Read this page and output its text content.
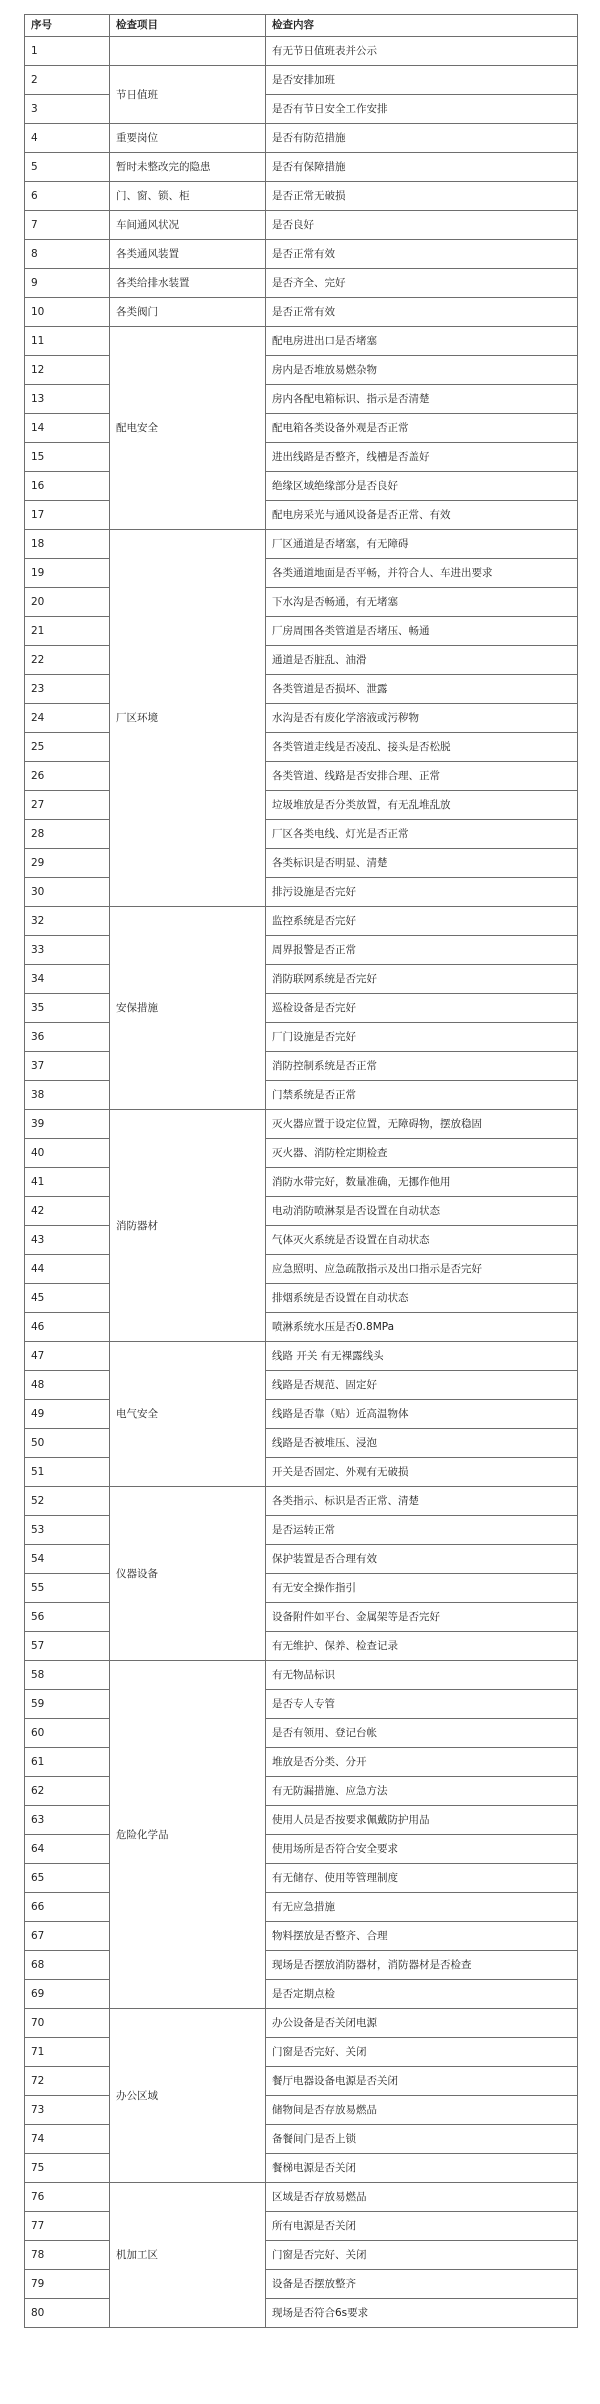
序号	检查项目	检查内容
1		有无节日值班表并公示
2	节日值班	是否安排加班
3		是否有节日安全工作安排
4	重要岗位	是否有防范措施
5	暂时未整改完的隐患	是否有保障措施
6	门、窗、锁、柜	是否正常无破损
7	车间通风状况	是否良好
8	各类通风装置	是否正常有效
9	各类给排水装置	是否齐全、完好
10	各类阀门	是否正常有效
11	配电安全	配电房进出口是否堵塞
12		房内是否堆放易燃杂物
13		房内各配电箱标识、指示是否清楚
14		配电箱各类设备外观是否正常
15		进出线路是否整齐，线槽是否盖好
16		绝缘区域绝缘部分是否良好
17		配电房采光与通风设备是否正常、有效
18	厂区环境	厂区通道是否堵塞，有无障碍
19		各类通道地面是否平畅，并符合人、车进出要求
20		下水沟是否畅通，有无堵塞
21		厂房周围各类管道是否堵压、畅通
22		通道是否脏乱、油滑
23		各类管道是否损坏、泄露
24		水沟是否有废化学溶液或污秽物
25		各类管道走线是否凌乱、接头是否松脱
26		各类管道、线路是否安排合理、正常
27		垃圾堆放是否分类放置，有无乱堆乱放
28		厂区各类电线、灯光是否正常
29		各类标识是否明显、清楚
30		排污设施是否完好
32	安保措施	监控系统是否完好
33		周界报警是否正常
34		消防联网系统是否完好
35		巡检设备是否完好
36		厂门设施是否完好
37		消防控制系统是否正常
38		门禁系统是否正常
39	消防器材	灭火器应置于设定位置，无障碍物，摆放稳固
40		灭火器、消防栓定期检查
41		消防水带完好，数量准确，无挪作他用
42		电动消防喷淋泵是否设置在自动状态
43		气体灭火系统是否设置在自动状态
44		应急照明、应急疏散指示及出口指示是否完好
45		排烟系统是否设置在自动状态
46		喷淋系统水压是否0.8MPa
47	电气安全	线路 开关 有无裸露线头
48		线路是否规范、固定好
49		线路是否靠（贴）近高温物体
50		线路是否被堆压、浸泡
51		开关是否固定、外观有无破损
52	仪器设备	各类指示、标识是否正常、清楚
53		是否运转正常
54		保护装置是否合理有效
55		有无安全操作指引
56		设备附件如平台、金属架等是否完好
57		有无维护、保养、检查记录
58	危险化学品	有无物品标识
59		是否专人专管
60		是否有领用、登记台帐
61		堆放是否分类、分开
62		有无防漏措施、应急方法
63		使用人员是否按要求佩戴防护用品
64		使用场所是否符合安全要求
65		有无储存、使用等管理制度
66		有无应急措施
67		物料摆放是否整齐、合理
68		现场是否摆放消防器材，消防器材是否检查
69		是否定期点检
70	办公区域	办公设备是否关闭电源
71		门窗是否完好、关闭
72		餐厅电器设备电源是否关闭
73		储物间是否存放易燃品
74		备餐间门是否上锁
75		餐梯电源是否关闭
76	机加工区	区域是否存放易燃品
77		所有电源是否关闭
78		门窗是否完好、关闭
79		设备是否摆放整齐
80		现场是否符合6s要求
